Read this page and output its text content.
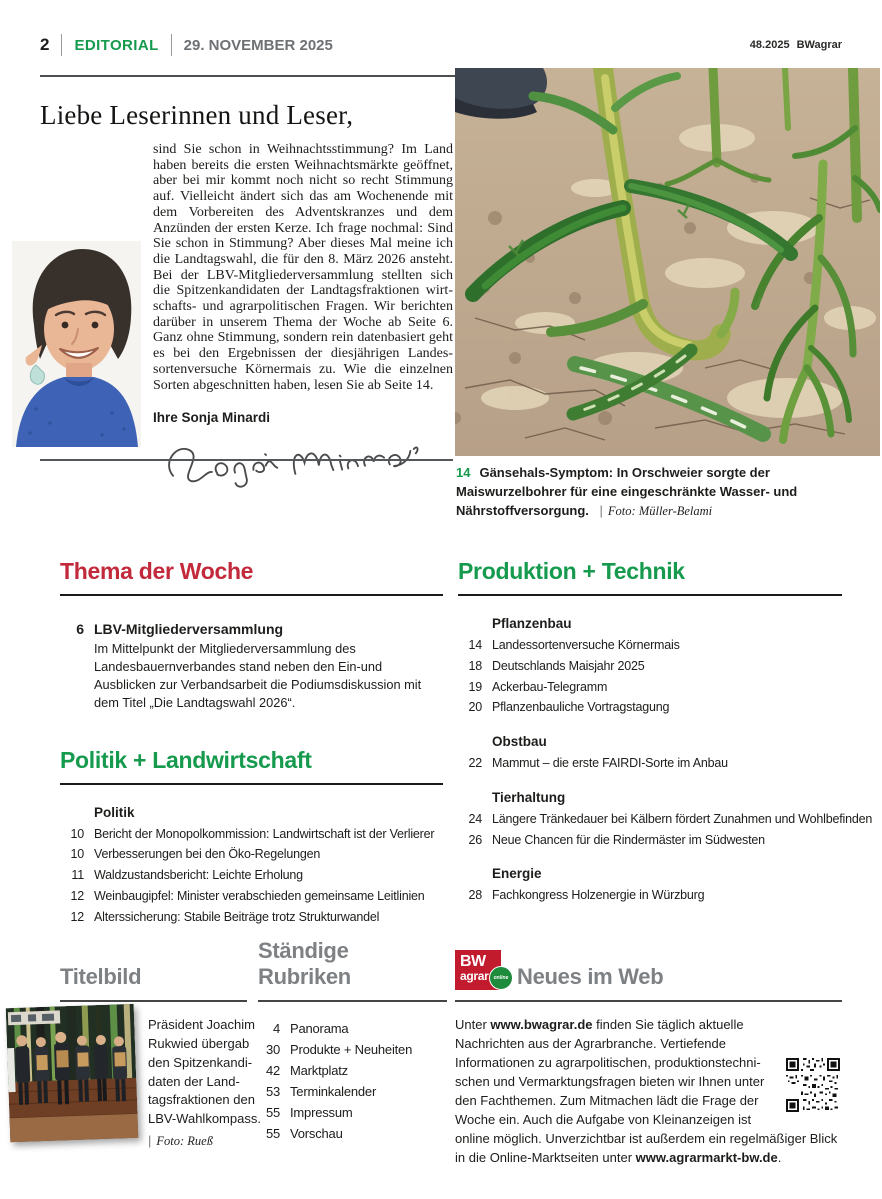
2 EDITORIAL 29. NOVEMBER 2025	48.2025 BWagrar
14 Gänsehals-Symptom: In Orschweier sorgte der Maiswurzelbohrer für eine eingeschränkte Wasser- und Nährstoffversorgung. | Foto: Müller-Belami
Liebe Leserinnen und Leser,

sind Sie schon in Weihnachtsstimmung? Im Land haben bereits die ersten Weihnachtsmärkte geöffnet, aber bei mir kommt noch nicht so recht Stimmung auf. Vielleicht ändert sich das am Wochenende mit dem Vorbereiten des Adventskranzes und dem Anzünden der ersten Kerze. Ich frage nochmal: Sind Sie schon in Stimmung? Aber dieses Mal meine ich die Landtagswahl, die für den 8. März 2026 ansteht. Bei der LBV-Mitgliederversammlung stellten sich die Spitzenkandidaten der Landtagsfraktionen wirtschafts- und agrarpolitischen Fragen. Wir berichten darüber in unserem Thema der Woche ab Seite 6. Ganz ohne Stimmung, sondern rein datenbasiert geht es bei den Ergebnissen der diesjährigen Landessortenversuche Körnermais zu. Wie die einzelnen Sorten abgeschnitten haben, lesen Sie ab Seite 14.

Ihre Sonja Minardi
Thema der Woche
6 LBV-Mitgliederversammlung
Im Mittelpunkt der Mitgliederversammlung des Landesbauernverbandes stand neben den Ein-und Ausblicken zur Verbandsarbeit die Podiumsdiskussion mit dem Titel „Die Landtagswahl 2026“.
Politik + Landwirtschaft
Politik
10 Bericht der Monopolkommission: Landwirtschaft ist der Verlierer
10 Verbesserungen bei den Öko-Regelungen
11 Waldzustandsbericht: Leichte Erholung
12 Weinbaugipfel: Minister verabschieden gemeinsame Leitlinien
12 Alterssicherung: Stabile Beiträge trotz Strukturwandel
Produktion + Technik
Pflanzenbau
14 Landessortenversuche Körnermais
18 Deutschlands Maisjahr 2025
19 Ackerbau-Telegramm
20 Pflanzenbauliche Vortragstagung
Obstbau
22 Mammut – die erste FAIRDI-Sorte im Anbau
Tierhaltung
24 Längere Tränkedauer bei Kälbern fördert Zunahmen und Wohlbefinden
26 Neue Chancen für die Rindermäster im Südwesten
Energie
28 Fachkongress Holzenergie in Würzburg
Titelbild
Ständige Rubriken
BW
agrar	online Neues im Web
Präsident Joachim Rukwied übergab den Spitzenkandidaten der Landtagsfraktionen den LBV-Wahlkompass.
| Foto: Rueß
4 Panorama
30 Produkte + Neuheiten
42 Marktplatz
53 Terminkalender
55 Impressum
55 Vorschau
Unter www.bwagrar.de finden Sie täglich aktuelle Nachrichten aus der Agrarbranche. Vertiefende Informationen zu agrarpolitischen, produktionstechnischen und Vermarktungsfragen bieten wir Ihnen unter den Fachthemen. Zum Mitmachen lädt die Frage der Woche ein. Auch die Aufgabe von Kleinanzeigen ist online möglich. Unverzichtbar ist außerdem ein regelmäßiger Blick in die Online-Marktseiten unter www.agrarmarkt-bw.de.
